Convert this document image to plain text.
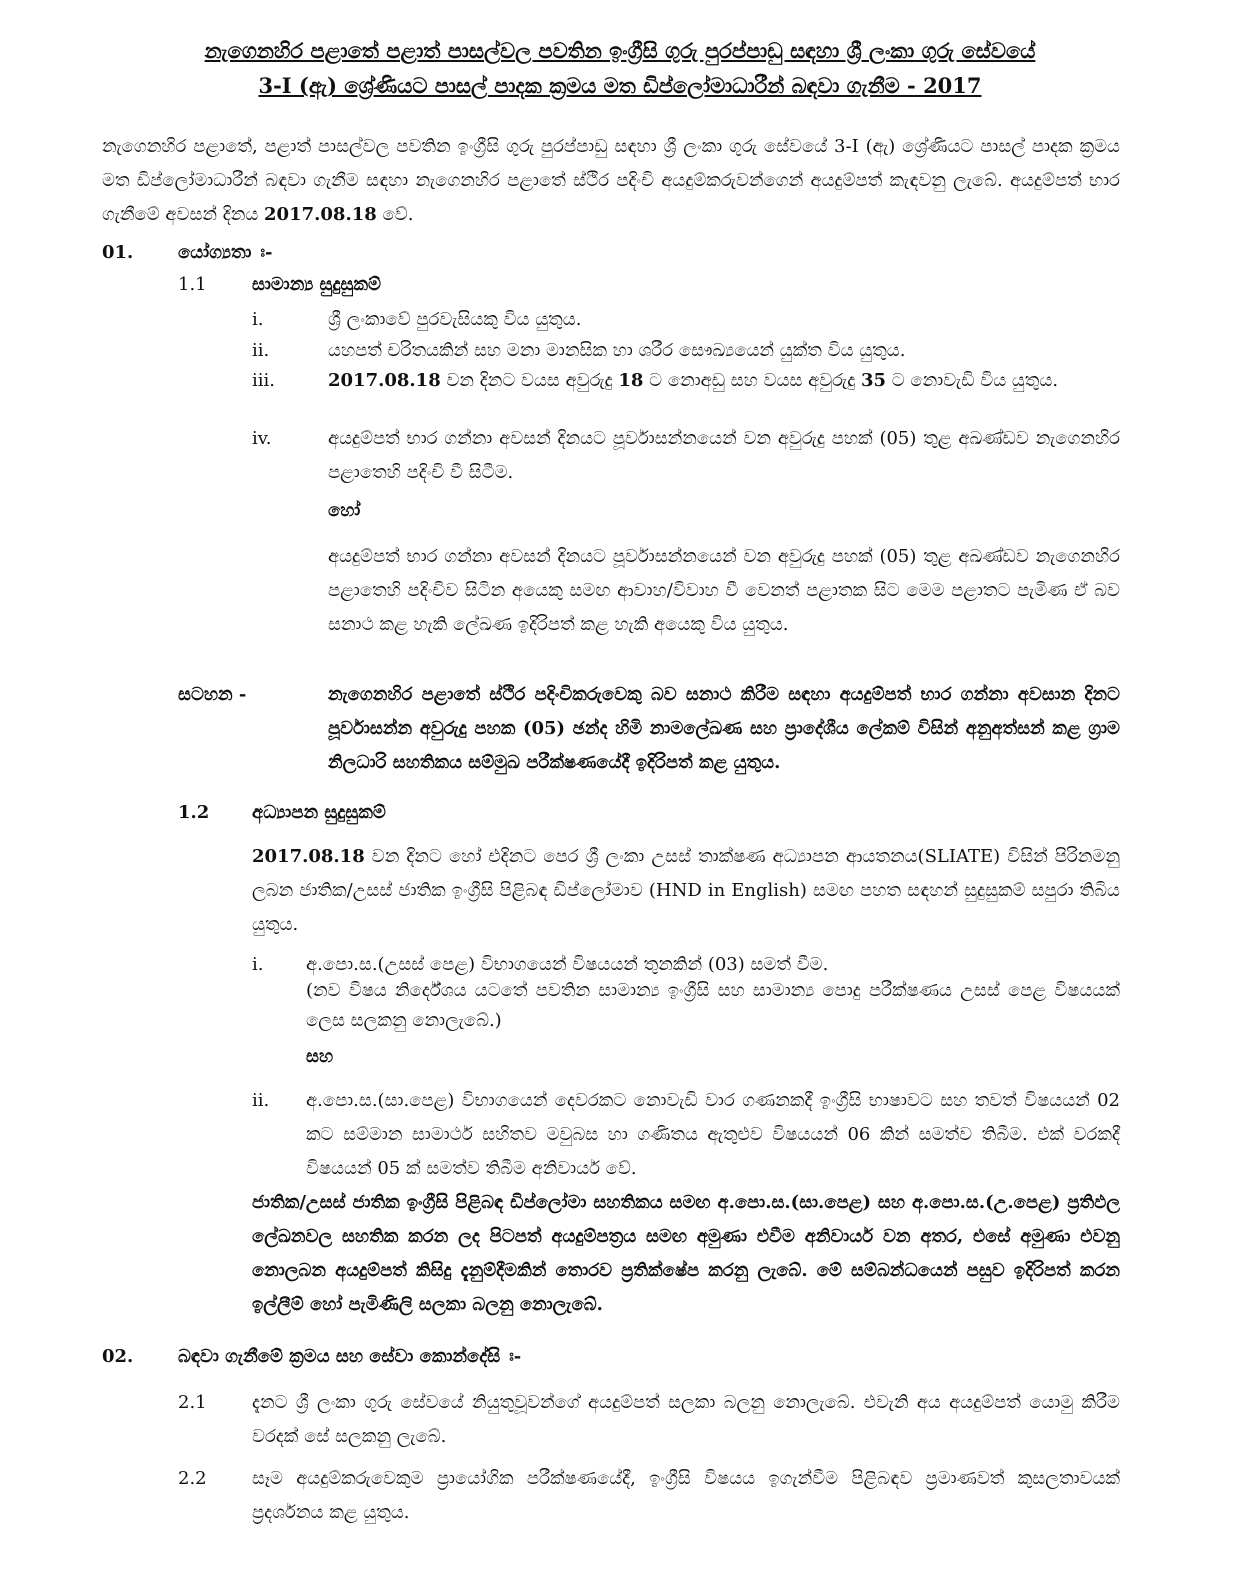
නැගෙනහිර පළාතේ පළාත් පාසල්වල පවතින ඉංග්‍රීසි ගුරු පුරප්පාඩු සඳහා ශ්‍රී ලංකා ගුරු සේවයේ
3-I (ඇ) ශ්‍රේණියට පාසල් පාදක ක්‍රමය මත ඩිප්ලෝමාධාරීන් බඳවා ගැනීම - 2017
නැගෙනහිර පළාතේ, පළාත් පාසල්වල පවතින ඉංග්‍රීසි ගුරු පුරප්පාඩු සඳහා ශ්‍රී ලංකා ගුරු සේවයේ 3-I (ඇ) ශ්‍රේණියට පාසල් පාදක ක්‍රමය මත ඩිප්ලෝමාධාරීන් බඳවා ගැනීම සඳහා නැගෙනහිර පළාතේ ස්ථිර පදිංචි අයදුම්කරුවන්ගෙන් අයදුම්පත් කැඳවනු ලැබේ. අයදුම්පත් භාර ගැනීමේ අවසන් දිනය 2017.08.18 වේ.
01. යෝග්‍යතා ඃ-
1.1	සාමාන්‍ය සුදුසුකම්
i.	ශ්‍රී ලංකාවේ පුරවැසියකු විය යුතුය.
ii.	යහපත් චරිතයකින් සහ මනා මානසික හා ශරීර සෞඛ්‍යයෙන් යුක්ත විය යුතුය.
iii.	2017.08.18 වන දිනට වයස අවුරුදු 18 ට නොඅඩු සහ වයස අවුරුදු 35 ට නොවැඩි විය යුතුය.
iv.	අයදුම්පත් භාර ගන්නා අවසන් දිනයට පූර්වාසන්නයෙන් වන අවුරුදු පහක් (05) තුළ අඛණ්ඩව නැගෙනහිර පළාතෙහි පදිංචි වී සිටීම.
හෝ
අයදුම්පත් භාර ගන්නා අවසන් දිනයට පූර්වාසන්නයෙන් වන අවුරුදු පහක් (05) තුළ අඛණ්ඩව නැගෙනහිර පළාතෙහි පදිංචිව සිටින අයෙකු සමඟ ආවාහ/විවාහ වී වෙනත් පළාතක සිට මෙම පළාතට පැමිණ ඒ බව සනාථ කළ හැකි ලේඛණ ඉදිරිපත් කළ හැකි අයෙකු විය යුතුය.
සටහන -	නැගෙනහිර පළාතේ ස්ථිර පදිංචිකරුවෙකු බව සනාථ කිරීම සඳහා අයදුම්පත් භාර ගන්නා අවසාන දිනට පූර්වාසන්න අවුරුදු පහක (05) ඡන්ද හිමි නාමලේඛණ සහ ප්‍රාදේශීය ලේකම් විසින් අනුඅත්සන් කළ ග්‍රාම නිලධාරි සහතිකය සම්මුඛ පරීක්ෂණයේදී ඉදිරිපත් කළ යුතුය.
1.2 අධ්‍යාපන සුදුසුකම්
2017.08.18 වන දිනට හෝ එදිනට පෙර ශ්‍රී ලංකා උසස් තාක්ෂණ අධ්‍යාපන ආයතනය(SLIATE) විසින් පිරිනමනු ලබන ජාතික/උසස් ජාතික ඉංග්‍රීසි පිළිබඳ ඩිප්ලෝමාව (HND in English) සමඟ පහත සඳහන් සුදුසුකම් සපුරා තිබිය යුතුය.
i. අ.පො.ස.(උසස් පෙළ) විභාගයෙන් විෂයයන් තුනකින් (03) සමත් වීම.
(නව විෂය නිර්දේශය යටතේ පවතින සාමාන්‍ය ඉංග්‍රීසි සහ සාමාන්‍ය පොදු පරීක්ෂණය උසස් පෙළ විෂයයක් ලෙස සලකනු නොලැබේ.)
සහ
ii. අ.පො.ස.(සා.පෙළ) විභාගයෙන් දෙවරකට නොවැඩි වාර ගණනකදී ඉංග්‍රීසි භාෂාවට සහ තවත් විෂයයන් 02 කට සම්මාන සාමාර්ථ සහිතව මවුබස හා ගණිතය ඇතුළුව විෂයයන් 06 කින් සමත්ව තිබීම. එක් වරකදී විෂයයන් 05 ක් සමත්ව තිබීම අනිවාර්ය වේ.
ජාතික/උසස් ජාතික ඉංග්‍රීසි පිළිබඳ ඩිප්ලෝමා සහතිකය සමඟ අ.පො.ස.(සා.පෙළ) සහ අ.පො.ස.(උ.පෙළ) ප්‍රතිඵල ලේඛනවල සහතික කරන ලද පිටපත් අයදුම්පත්‍රය සමඟ අමුණා එවීම අනිවාර්ය වන අතර, එසේ අමුණා එවනු නොලබන අයදුම්පත් කිසිදු දැනුම්දීමකින් තොරව ප්‍රතික්ෂේප කරනු ලැබේ. මේ සම්බන්ධයෙන් පසුව ඉදිරිපත් කරන ඉල්ලීම් හෝ පැමිණිලි සලකා බලනු නොලැබේ.
02. බඳවා ගැනීමේ ක්‍රමය සහ සේවා කොන්දේසි ඃ-
2.1	දැනට ශ්‍රී ලංකා ගුරු සේවයේ නියුතුවූවන්ගේ අයදුම්පත් සලකා බලනු නොලැබේ. එවැනි අය අයදුම්පත් යොමු කිරීම වරදක් සේ සලකනු ලැබේ.
2.2	සෑම අයදුම්කරුවෙකුම ප්‍රායෝගික පරීක්ෂණයේදී, ඉංග්‍රීසි විෂයය ඉගැන්වීම පිළිබඳව ප්‍රමාණවත් කුසලතාවයක් ප්‍රදර්ශනය කළ යුතුය.
